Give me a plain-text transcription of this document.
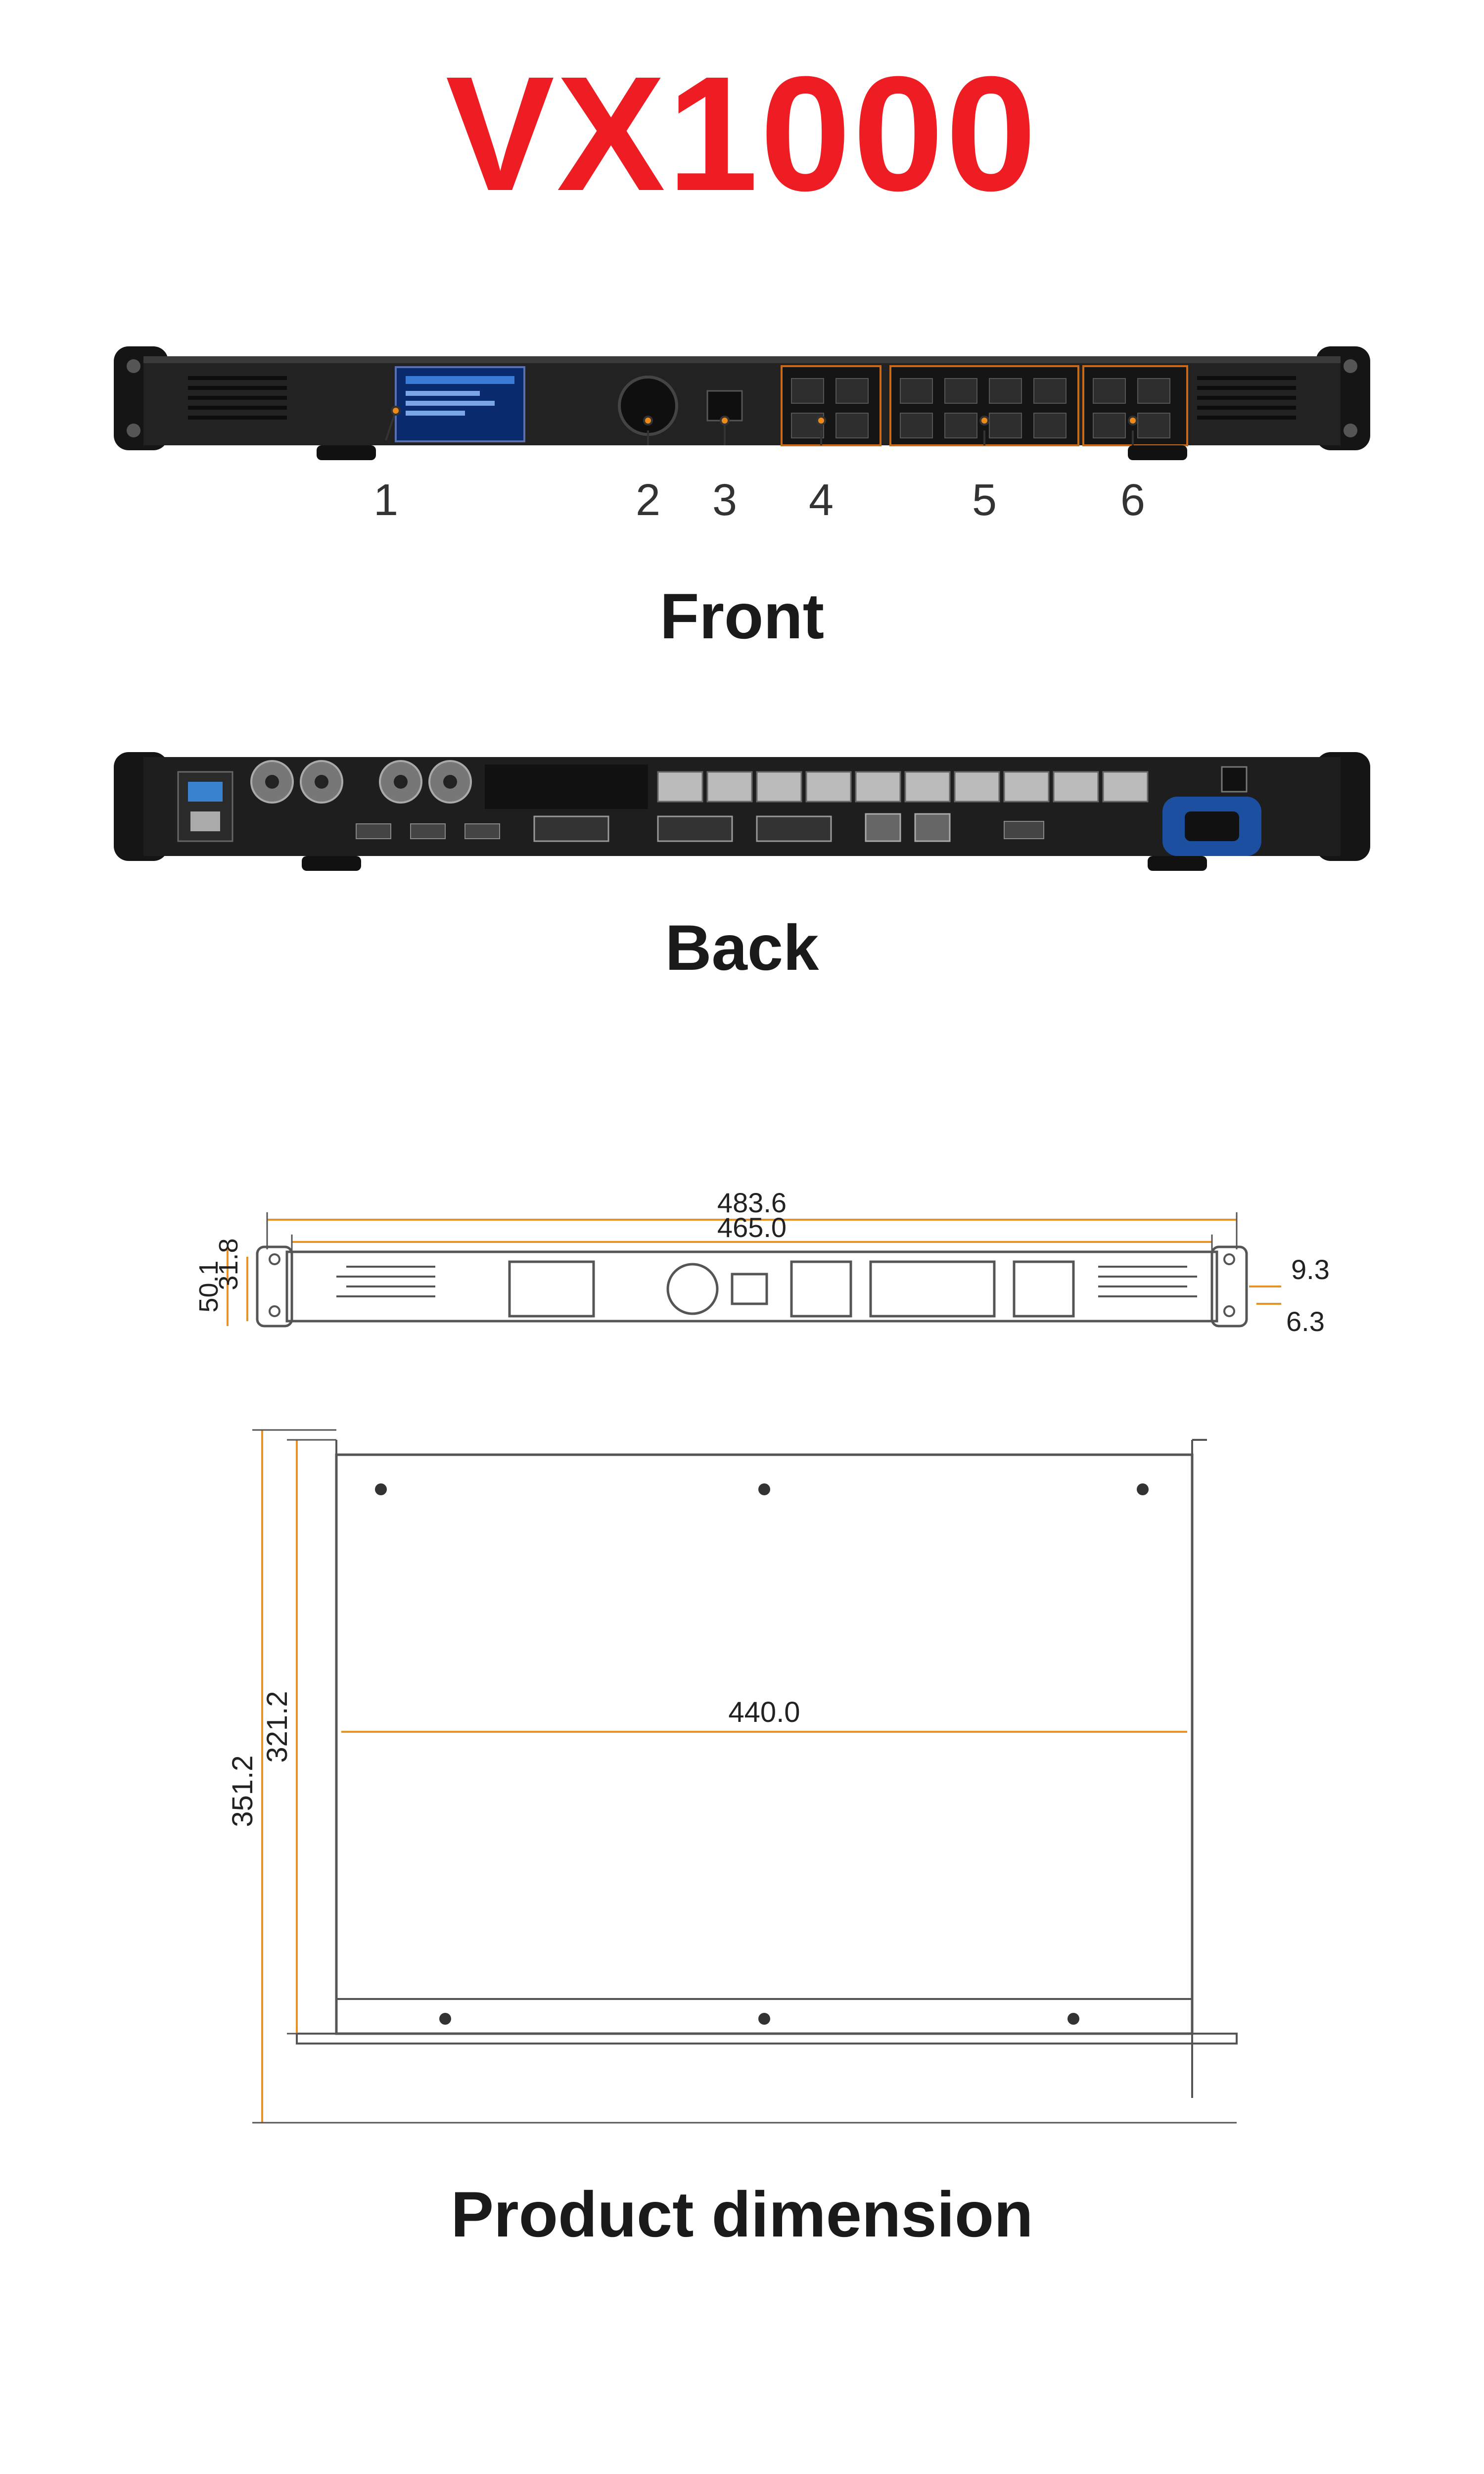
VX1000
1	2	3	4	5	6
Front
Back
483.6
465.0
50.1
31.8	9.3
6.3
351.2
321.2	440.0
Product dimension
